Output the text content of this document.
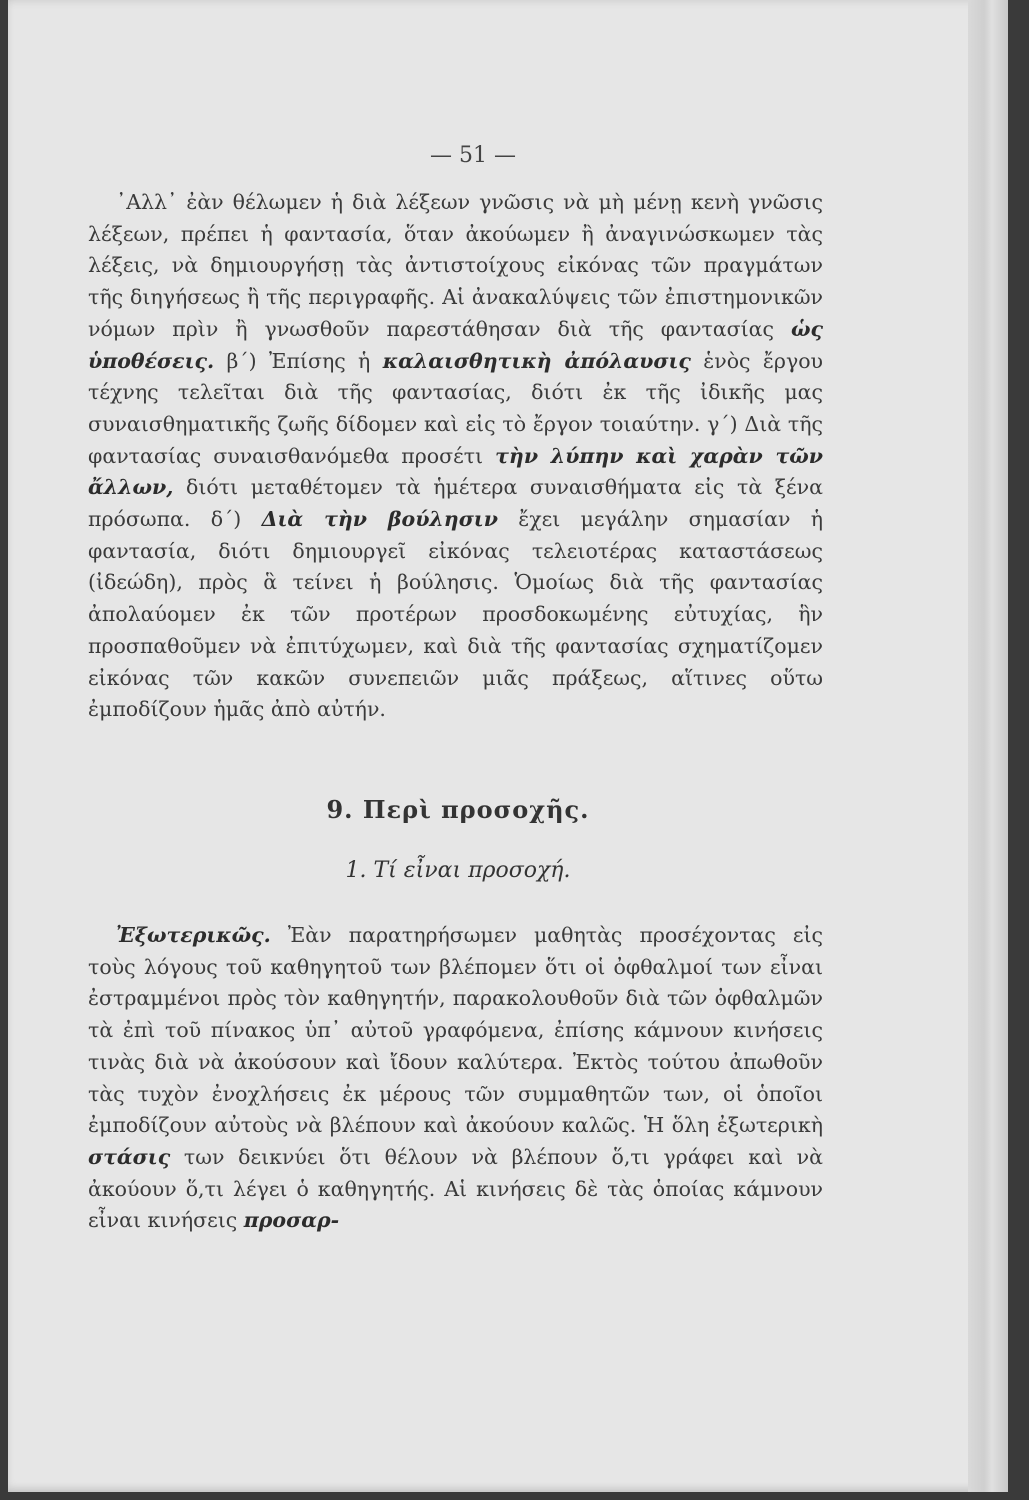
— 51 —

᾿Αλλ᾿ ἐὰν θέλωμεν ἡ διὰ λέξεων γνῶσις νὰ μὴ μένῃ κενὴ γνῶσις λέξεων, πρέπει ἡ φαντασία, ὅταν ἀκούωμεν ἢ ἀναγινώσκωμεν τὰς λέξεις, νὰ δημιουργήσῃ τὰς ἀντιστοίχους εἰκόνας τῶν πραγμάτων τῆς διηγήσεως ἢ τῆς περιγραφῆς. Αἱ ἀνακαλύψεις τῶν ἐπιστημονικῶν νόμων πρὶν ἢ γνωσθοῦν παρεστάθησαν διὰ τῆς φαντασίας ὡς ὑποθέσεις. β΄) Ἐπίσης ἡ καλαισθητικὴ ἀπόλαυσις ἑνὸς ἔργου τέχνης τελεῖται διὰ τῆς φαντασίας, διότι ἐκ τῆς ἰδικῆς μας συναισθηματικῆς ζωῆς δίδομεν καὶ εἰς τὸ ἔργον τοιαύτην. γ΄) Διὰ τῆς φαντασίας συναισθανόμεθα προσέτι τὴν λύπην καὶ χαρὰν τῶν ἄλλων, διότι μεταθέτομεν τὰ ἡμέτερα συναισθήματα εἰς τὰ ξένα πρόσωπα. δ΄) Διὰ τὴν βούλησιν ἔχει μεγάλην σημασίαν ἡ φαντασία, διότι δημιουργεῖ εἰκόνας τελειοτέρας καταστάσεως (ἰδεώδη), πρὸς ἃ τείνει ἡ βούλησις. Ὁμοίως διὰ τῆς φαντασίας ἀπολαύομεν ἐκ τῶν προτέρων προσδοκωμένης εὐτυχίας, ἣν προσπαθοῦμεν νὰ ἐπιτύχωμεν, καὶ διὰ τῆς φαντασίας σχηματίζομεν εἰκόνας τῶν κακῶν συνεπειῶν μιᾶς πράξεως, αἵτινες οὕτω ἐμποδίζουν ἡμᾶς ἀπὸ αὐτήν.

9. Περὶ προσοχῆς.
1. Τί εἶναι προσοχή.

Ἐξωτερικῶς. Ἐὰν παρατηρήσωμεν μαθητὰς προσέχοντας εἰς τοὺς λόγους τοῦ καθηγητοῦ των βλέπομεν ὅτι οἱ ὀφθαλμοί των εἶναι ἐστραμμένοι πρὸς τὸν καθηγητήν, παρακολουθοῦν διὰ τῶν ὀφθαλμῶν τὰ ἐπὶ τοῦ πίνακος ὑπ᾿ αὐτοῦ γραφόμενα, ἐπίσης κάμνουν κινήσεις τινὰς διὰ νὰ ἀκούσουν καὶ ἴδουν καλύτερα. Ἐκτὸς τούτου ἀπωθοῦν τὰς τυχὸν ἐνοχλήσεις ἐκ μέρους τῶν συμμαθητῶν των, οἱ ὁποῖοι ἐμποδίζουν αὐτοὺς νὰ βλέπουν καὶ ἀκούουν καλῶς. Ἡ ὅλη ἐξωτερικὴ στάσις των δεικνύει ὅτι θέλουν νὰ βλέπουν ὅ,τι γράφει καὶ νὰ ἀκούουν ὅ,τι λέγει ὁ καθηγητής. Αἱ κινήσεις δὲ τὰς ὁποίας κάμνουν εἶναι κινήσεις προσαρ-
